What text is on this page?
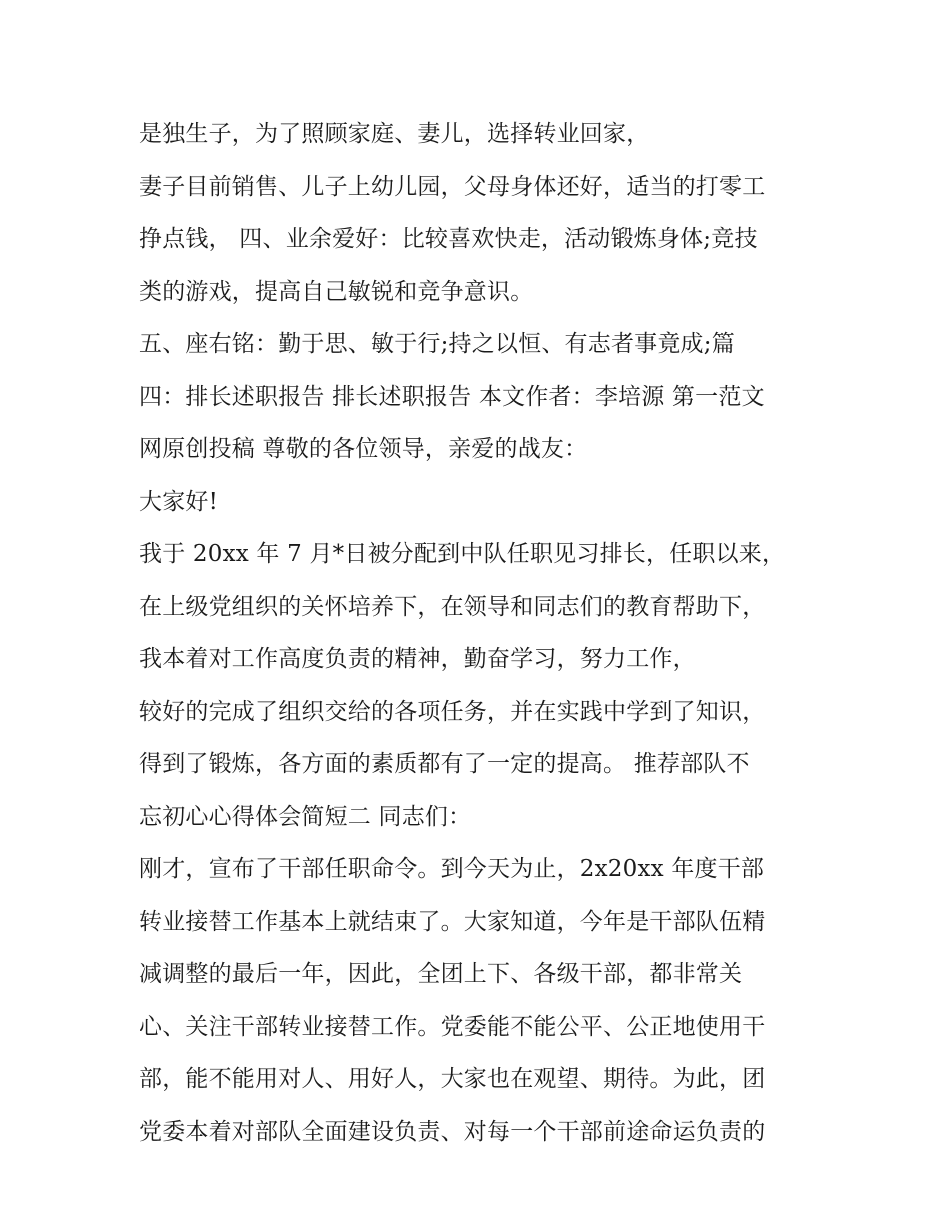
是独生子，为了照顾家庭、妻儿，选择转业回家，
妻子目前销售、儿子上幼儿园，父母身体还好，适当的打零工
挣点钱， 四、业余爱好：比较喜欢快走，活动锻炼身体;竞技
类的游戏，提高自己敏锐和竞争意识。
五、座右铭：勤于思、敏于行;持之以恒、有志者事竟成;篇
四：排长述职报告 排长述职报告 本文作者：李培源 第一范文
网原创投稿 尊敬的各位领导，亲爱的战友：
大家好!
我于 20xx 年 7 月*日被分配到中队任职见习排长，任职以来，
在上级党组织的关怀培养下，在领导和同志们的教育帮助下，
我本着对工作高度负责的精神，勤奋学习，努力工作，
较好的完成了组织交给的各项任务，并在实践中学到了知识，
得到了锻炼，各方面的素质都有了一定的提高。 推荐部队不
忘初心心得体会简短二 同志们：
刚才，宣布了干部任职命令。到今天为止，2x20xx 年度干部
转业接替工作基本上就结束了。大家知道，今年是干部队伍精
减调整的最后一年，因此，全团上下、各级干部，都非常关
心、关注干部转业接替工作。党委能不能公平、公正地使用干
部，能不能用对人、用好人，大家也在观望、期待。为此，团
党委本着对部队全面建设负责、对每一个干部前途命运负责的
